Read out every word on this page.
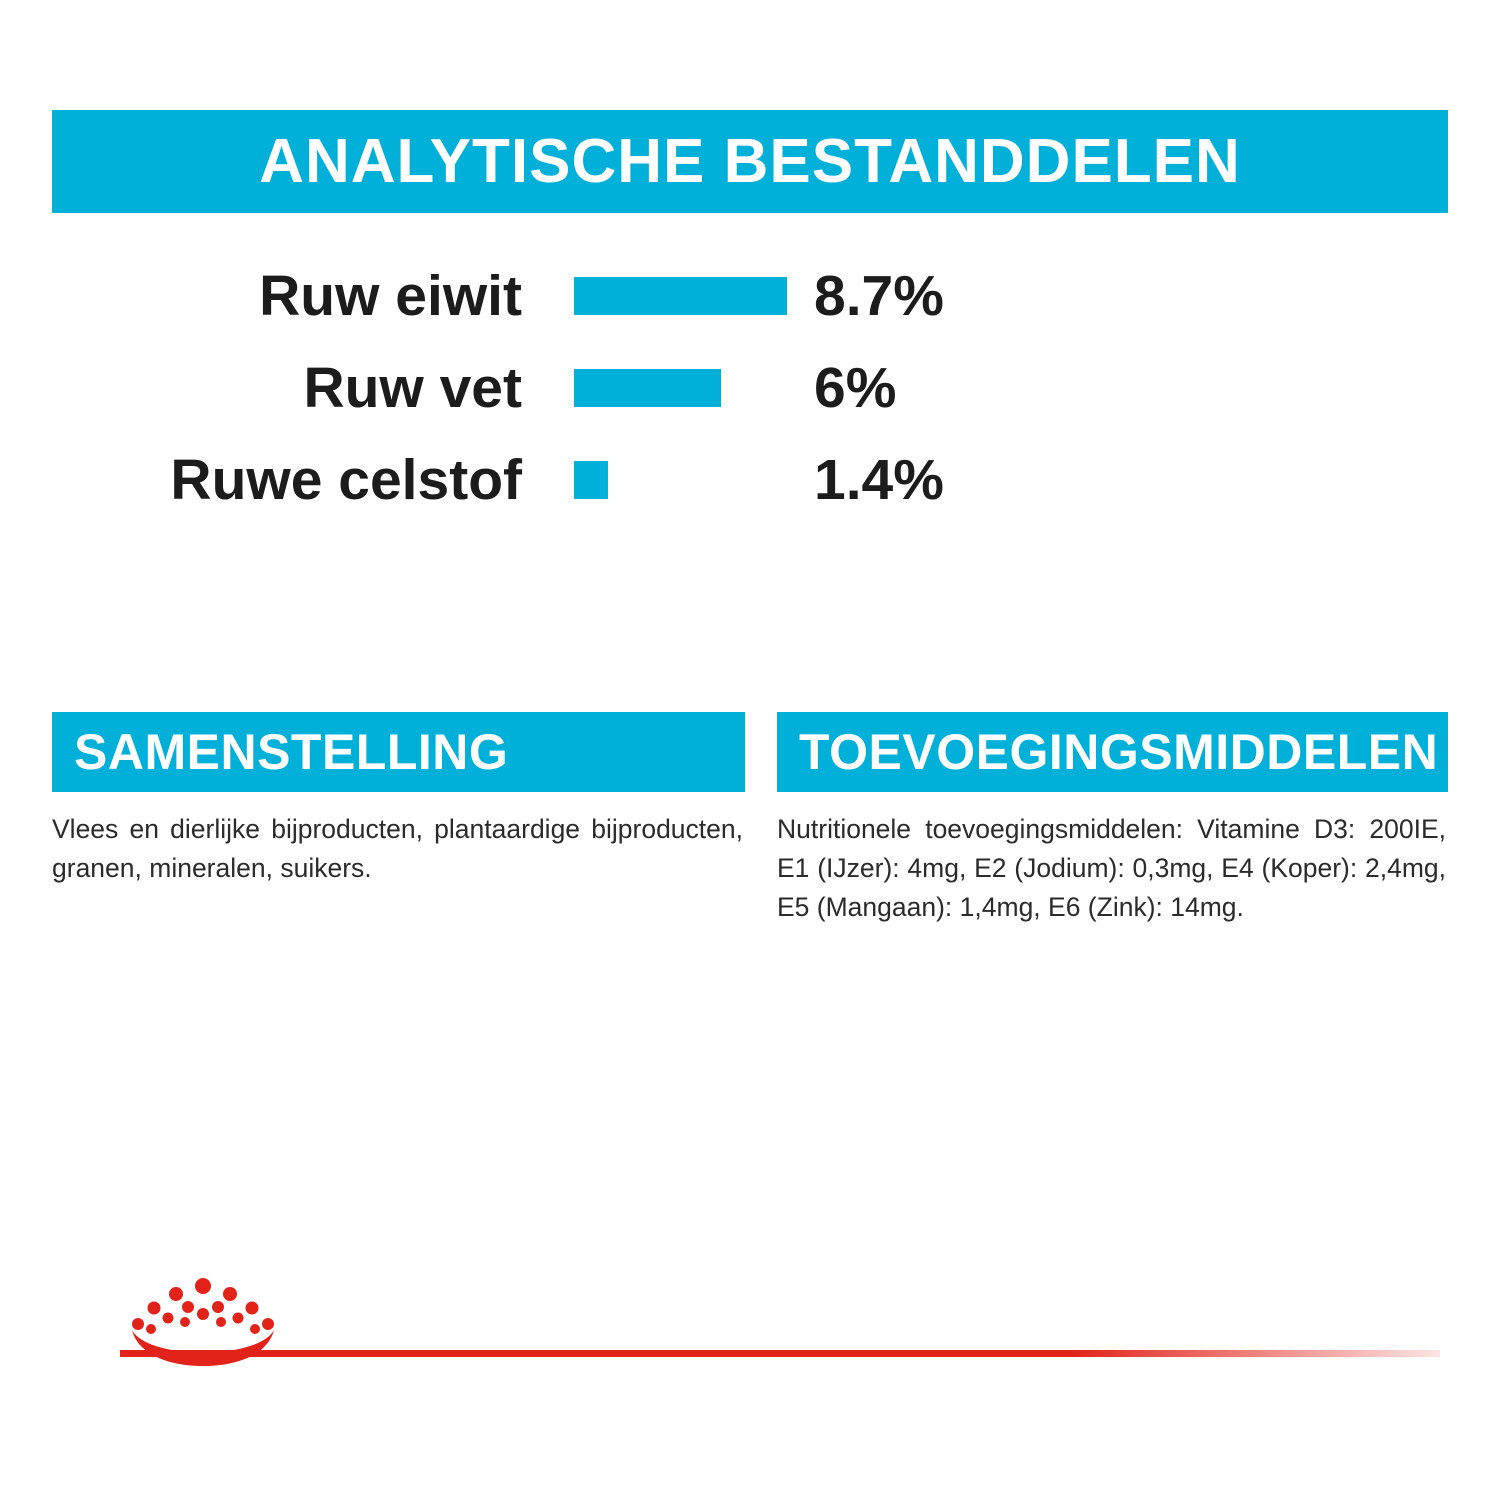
ANALYTISCHE BESTANDDELEN
Ruw eiwit	8.7%
Ruw vet	6%
Ruwe celstof	1.4%
SAMENSTELLING
Vlees en dierlijke bijproducten, plantaardige bijproducten, granen, mineralen, suikers.
TOEVOEGINGSMIDDELEN (/kg)
Nutritionele toevoegingsmiddelen: Vitamine D3: 200IE, E1 (IJzer): 4mg, E2 (Jodium): 0,3mg, E4 (Koper): 2,4mg, E5 (Mangaan): 1,4mg, E6 (Zink): 14mg.
